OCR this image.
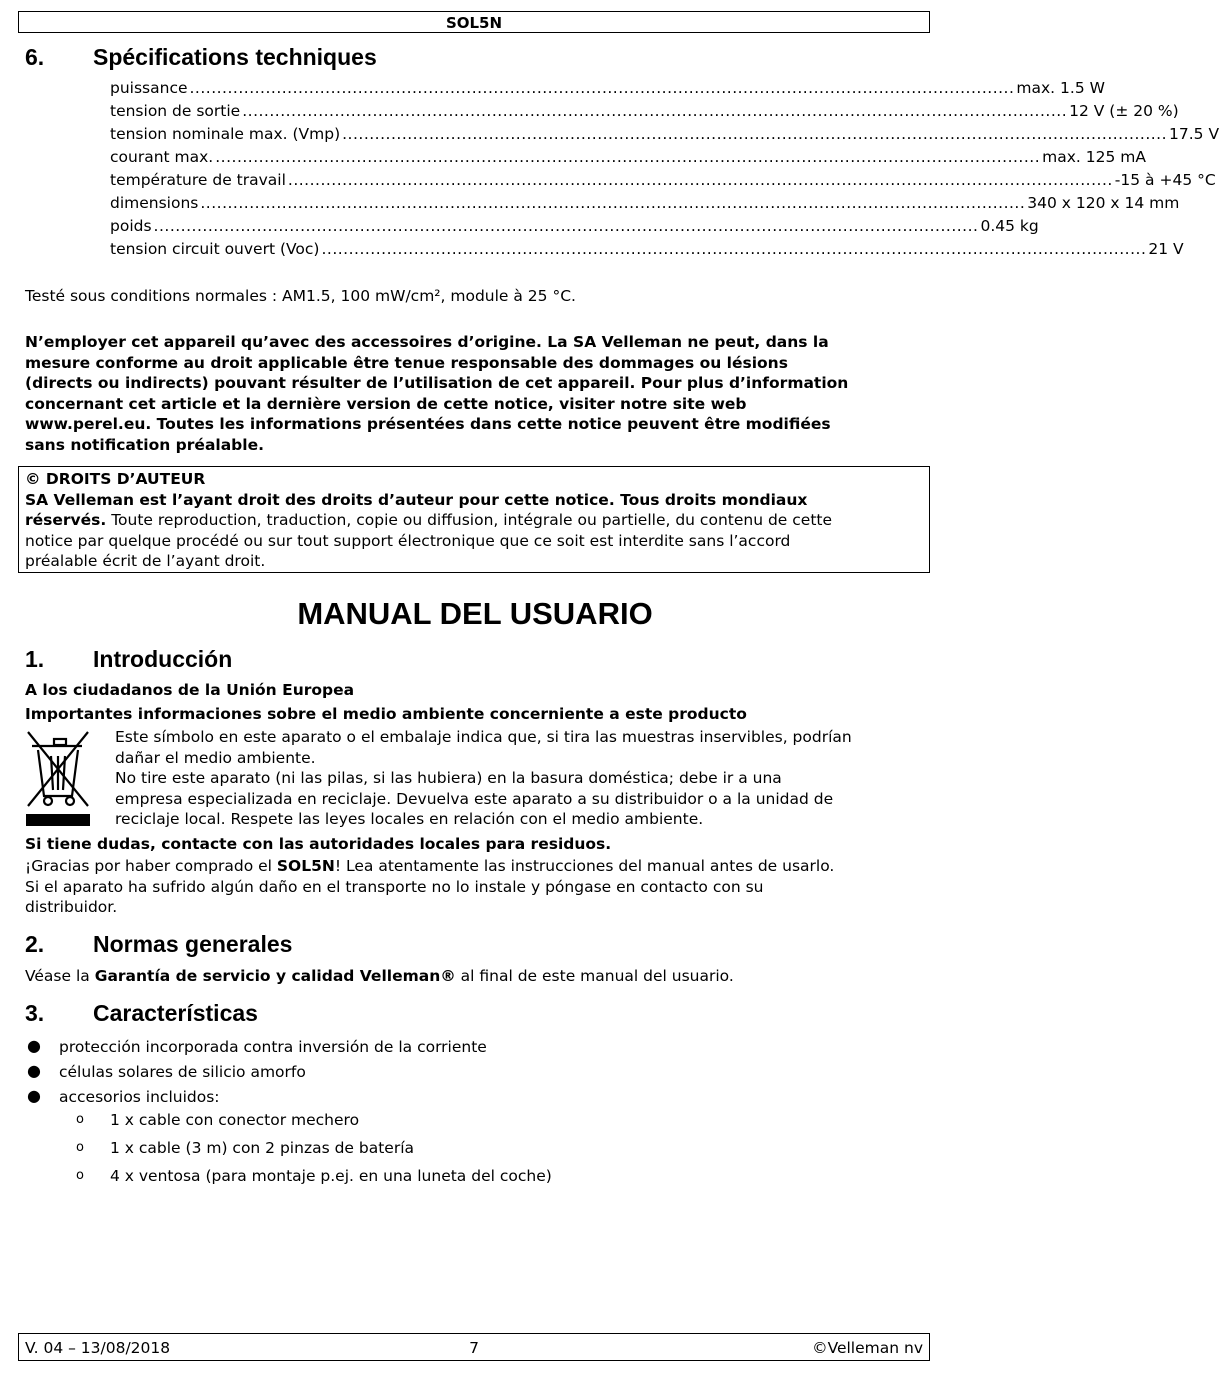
SOL5N
6. Spécifications techniques
puissance ........................................................................................................................................................ max. 1.5 W
tension de sortie ........................................................................................................................................................ 12 V (± 20 %)
tension nominale max. (Vmp) ........................................................................................................................................................ 17.5 V
courant max. ........................................................................................................................................................ max. 125 mA
température de travail ........................................................................................................................................................ -15 à +45 °C
dimensions ........................................................................................................................................................ 340 x 120 x 14 mm
poids ........................................................................................................................................................ 0.45 kg
tension circuit ouvert (Voc) ........................................................................................................................................................ 21 V
Testé sous conditions normales : AM1.5, 100 mW/cm², module à 25 °C.
N’employer cet appareil qu’avec des accessoires d’origine. La SA Velleman ne peut, dans la
mesure conforme au droit applicable être tenue responsable des dommages ou lésions
(directs ou indirects) pouvant résulter de l’utilisation de cet appareil. Pour plus d’information
concernant cet article et la dernière version de cette notice, visiter notre site web
www.perel.eu. Toutes les informations présentées dans cette notice peuvent être modifiées
sans notification préalable.
© DROITS D’AUTEUR
SA Velleman est l’ayant droit des droits d’auteur pour cette notice. Tous droits mondiaux
réservés. Toute reproduction, traduction, copie ou diffusion, intégrale ou partielle, du contenu de cette
notice par quelque procédé ou sur tout support électronique que ce soit est interdite sans l’accord
préalable écrit de l’ayant droit.
MANUAL DEL USUARIO
1. Introducción
A los ciudadanos de la Unión Europea
Importantes informaciones sobre el medio ambiente concerniente a este producto
Este símbolo en este aparato o el embalaje indica que, si tira las muestras inservibles, podrían
dañar el medio ambiente.
No tire este aparato (ni las pilas, si las hubiera) en la basura doméstica; debe ir a una
empresa especializada en reciclaje. Devuelva este aparato a su distribuidor o a la unidad de
reciclaje local. Respete las leyes locales en relación con el medio ambiente.
Si tiene dudas, contacte con las autoridades locales para residuos.
¡Gracias por haber comprado el SOL5N! Lea atentamente las instrucciones del manual antes de usarlo.
Si el aparato ha sufrido algún daño en el transporte no lo instale y póngase en contacto con su
distribuidor.
2. Normas generales
Véase la Garantía de servicio y calidad Velleman® al final de este manual del usuario.
3. Características
● protección incorporada contra inversión de la corriente
● células solares de silicio amorfo
● accesorios incluidos:
o 1 x cable con conector mechero
o 1 x cable (3 m) con 2 pinzas de batería
o 4 x ventosa (para montaje p.ej. en una luneta del coche)
V. 04 – 13/08/2018	7	©Velleman nv
